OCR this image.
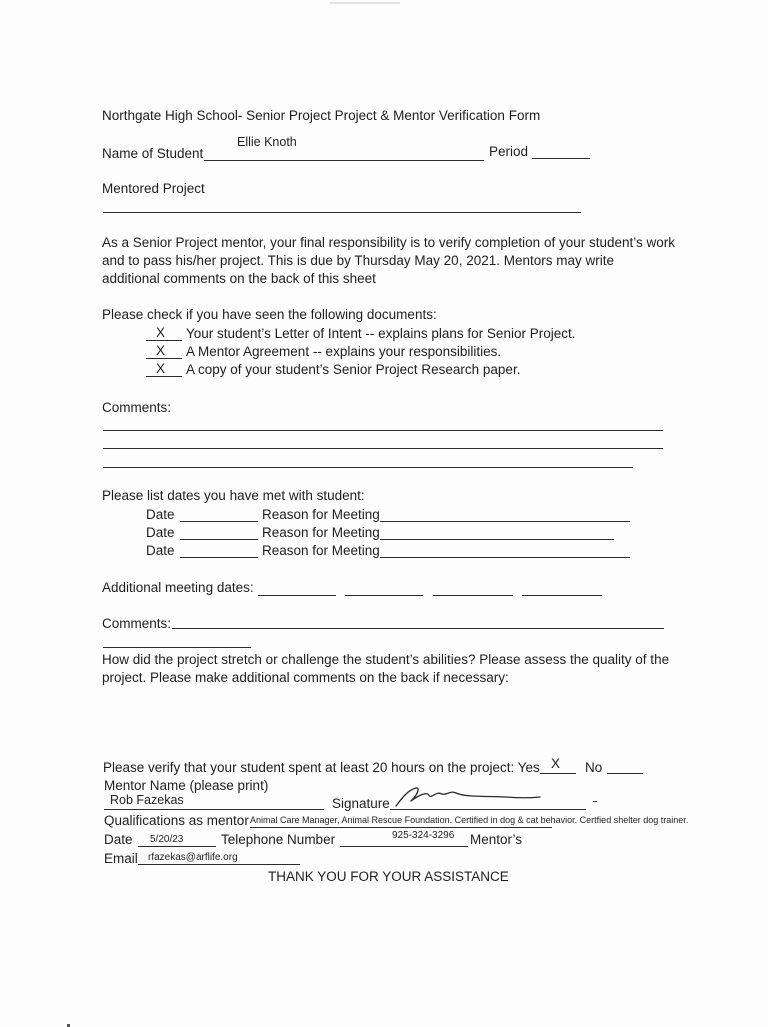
Northgate High School- Senior Project Project & Mentor Verification Form
Name of Student
Ellie Knoth
Period
Mentored Project
As a Senior Project mentor, your final responsibility is to verify completion of your student’s work
and to pass his/her project. This is due by Thursday May 20, 2021. Mentors may write
additional comments on the back of this sheet
Please check if you have seen the following documents:
X Your student’s Letter of Intent -- explains plans for Senior Project.
X A Mentor Agreement -- explains your responsibilities.
X A copy of your student’s Senior Project Research paper.
Comments:
Please list dates you have met with student:
Date	Reason for Meeting
Date	Reason for Meeting
Date	Reason for Meeting
Additional meeting dates:
Comments:
How did the project stretch or challenge the student’s abilities? Please assess the quality of the
project. Please make additional comments on the back if necessary:
Please verify that your student spent at least 20 hours on the project: Yes X No
Mentor Name (please print)
Rob Fazekas	Signature
Qualifications as mentor Animal Care Manager, Animal Rescue Foundation. Certified in dog & cat behavior. Certfied shelter dog trainer.
Date 5/20/23	Telephone Number	925-324-3296 Mentor’s
Email rfazekas@arflife.org
THANK YOU FOR YOUR ASSISTANCE
